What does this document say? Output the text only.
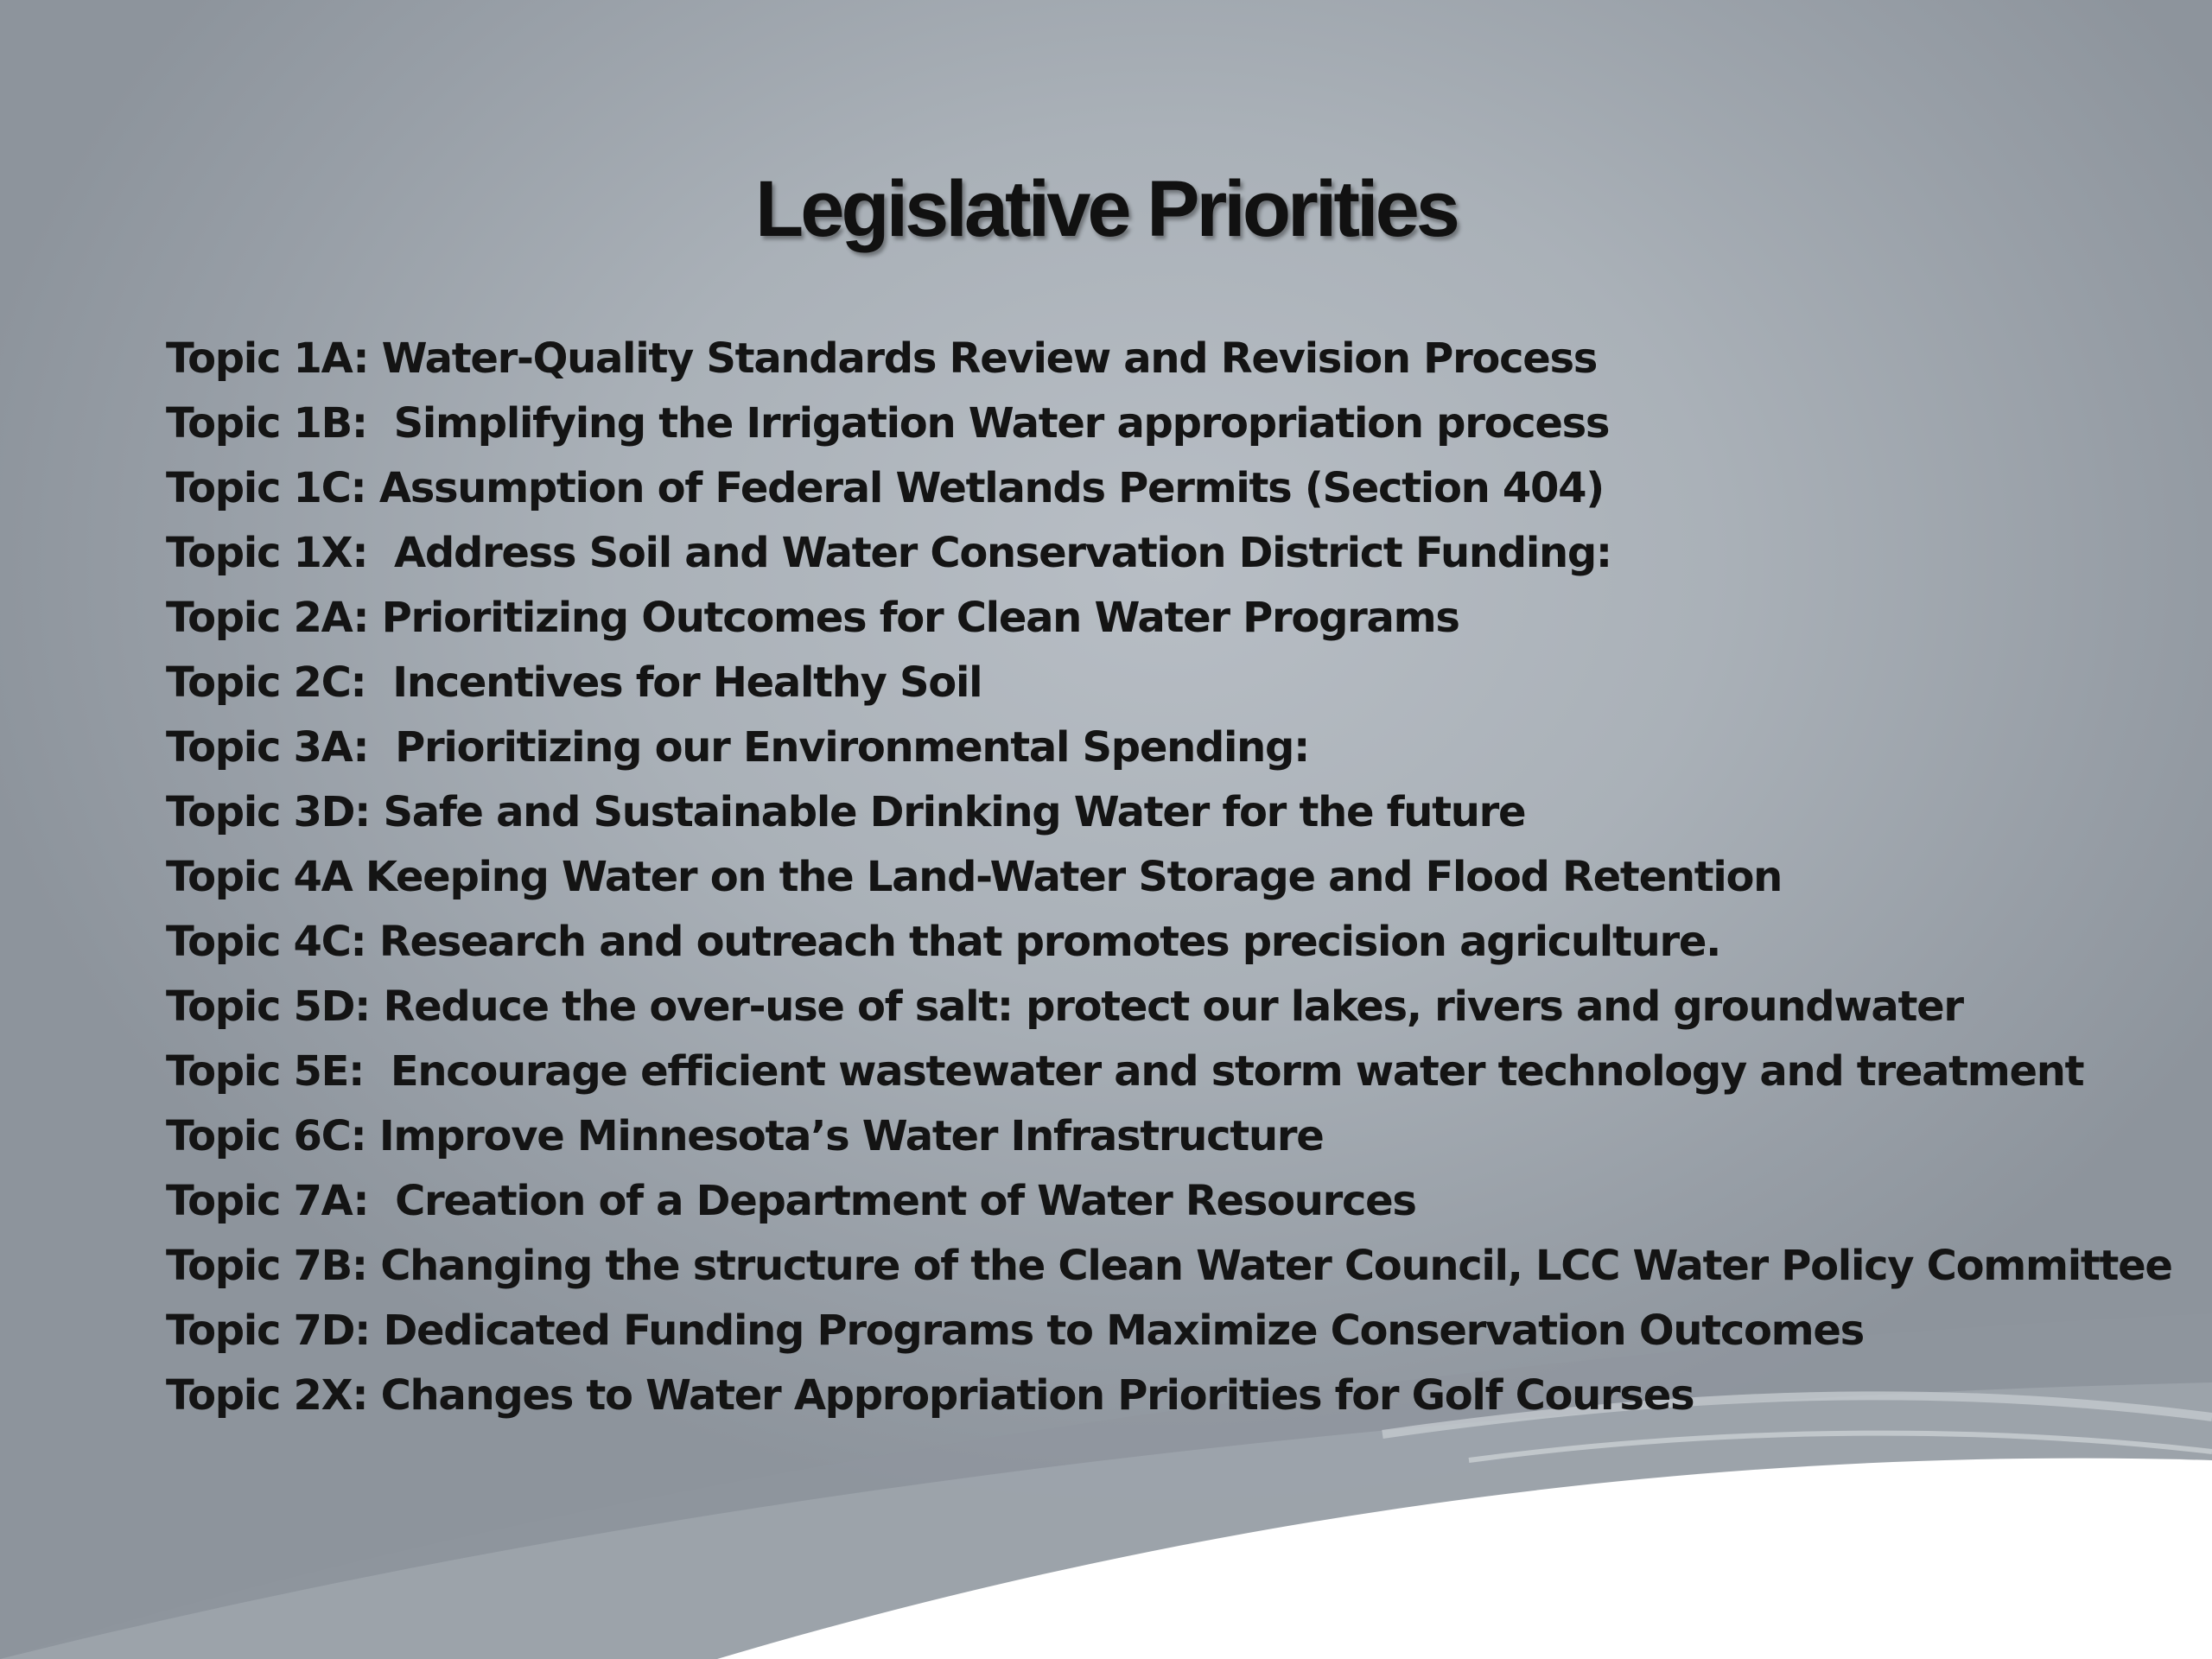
Legislative Priorities
Topic 1A: Water-Quality Standards Review and Revision Process
Topic 1B:  Simplifying the Irrigation Water appropriation process
Topic 1C: Assumption of Federal Wetlands Permits (Section 404)
Topic 1X:  Address Soil and Water Conservation District Funding:
Topic 2A: Prioritizing Outcomes for Clean Water Programs
Topic 2C:  Incentives for Healthy Soil
Topic 3A:  Prioritizing our Environmental Spending:
Topic 3D: Safe and Sustainable Drinking Water for the future
Topic 4A Keeping Water on the Land-Water Storage and Flood Retention
Topic 4C: Research and outreach that promotes precision agriculture.
Topic 5D: Reduce the over-use of salt: protect our lakes, rivers and groundwater
Topic 5E:  Encourage efficient wastewater and storm water technology and treatment
Topic 6C: Improve Minnesota’s Water Infrastructure
Topic 7A:  Creation of a Department of Water Resources
Topic 7B: Changing the structure of the Clean Water Council, LCC Water Policy Committee
Topic 7D: Dedicated Funding Programs to Maximize Conservation Outcomes
Topic 2X: Changes to Water Appropriation Priorities for Golf Courses
